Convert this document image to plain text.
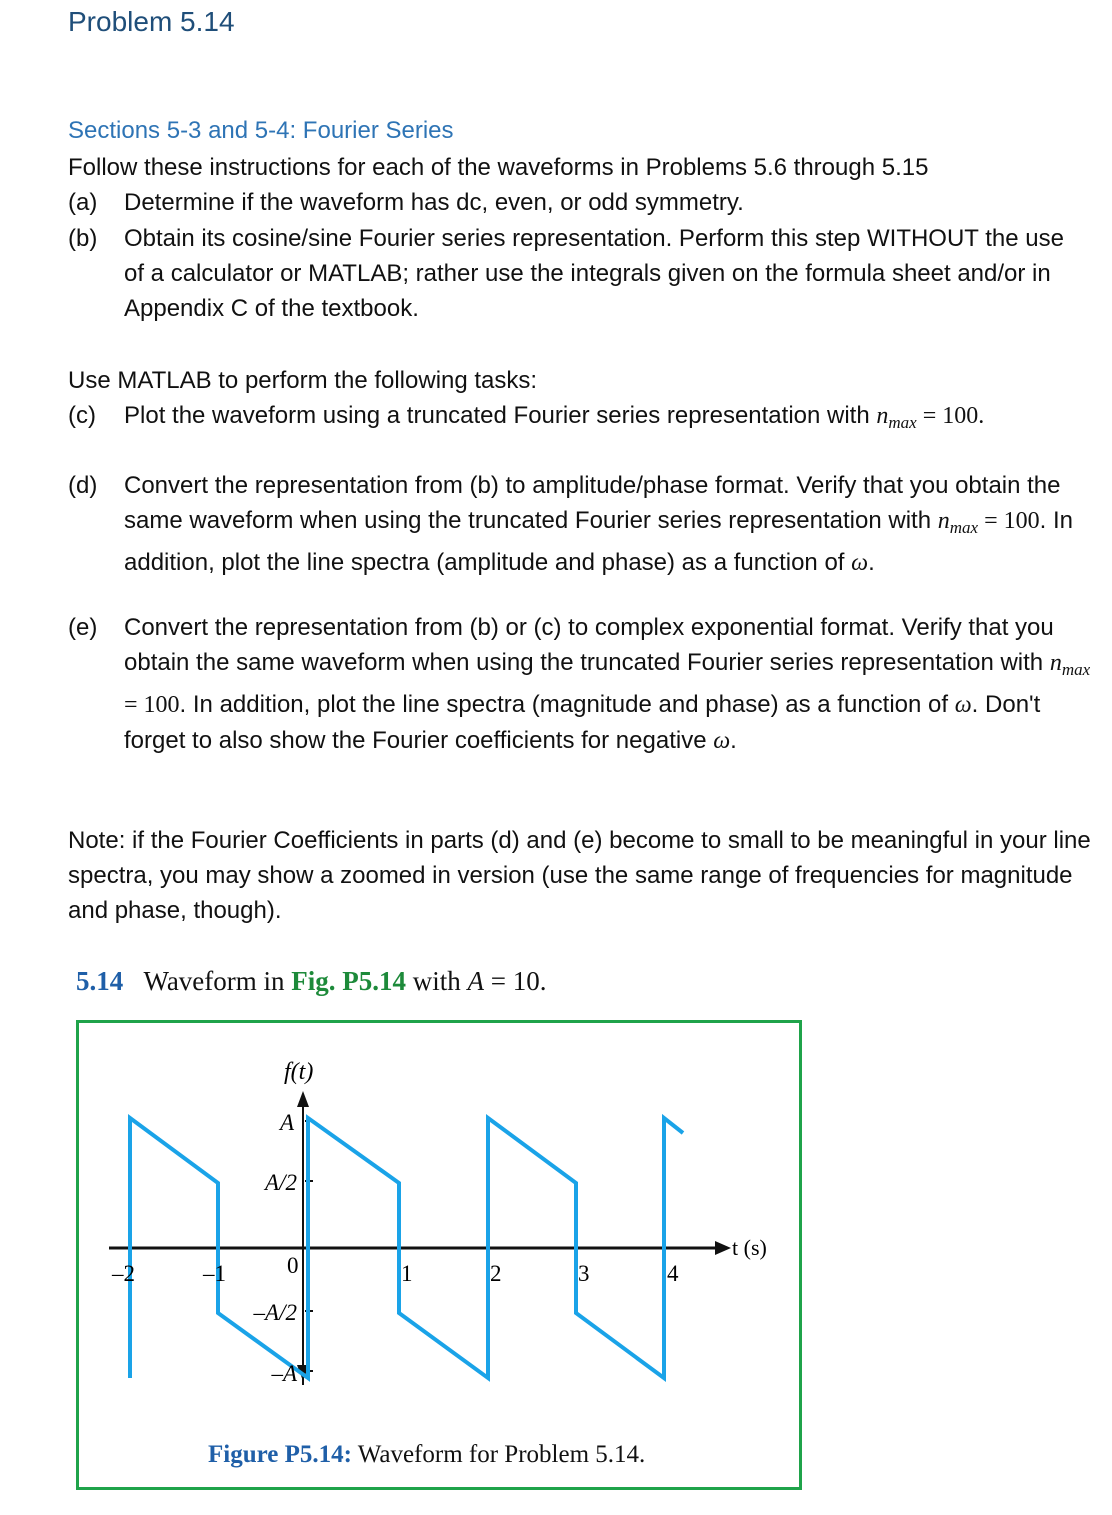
Problem 5.14
Sections 5-3 and 5-4: Fourier Series
Follow these instructions for each of the waveforms in Problems 5.6 through 5.15
(a)	Determine if the waveform has dc, even, or odd symmetry.
(b)	Obtain its cosine/sine Fourier series representation. Perform this step WITHOUT the use of a calculator or MATLAB; rather use the integrals given on the formula sheet and/or in Appendix C of the textbook.
Use MATLAB to perform the following tasks:
(c)	Plot the waveform using a truncated Fourier series representation with $n_{max} = 100$.
(d)	Convert the representation from (b) to amplitude/phase format. Verify that you obtain the same waveform when using the truncated Fourier series representation with $n_{max} = 100$. In addition, plot the line spectra (amplitude and phase) as a function of ω.
(e)	Convert the representation from (b) or (c) to complex exponential format. Verify that you obtain the same waveform when using the truncated Fourier series representation with $n_{max} = 100$. In addition, plot the line spectra (magnitude and phase) as a function of ω. Don't forget to also show the Fourier coefficients for negative ω.
Note: if the Fourier Coefficients in parts (d) and (e) become to small to be meaningful in your line spectra, you may show a zoomed in version (use the same range of frequencies for magnitude and phase, though).
5.14 Waveform in Fig. P5.14 with A = 10.
f(t)
t (s)
A
A/2
–A/2
–A
–2	–1	0	1	2	3	4
Figure P5.14: Waveform for Problem 5.14.
